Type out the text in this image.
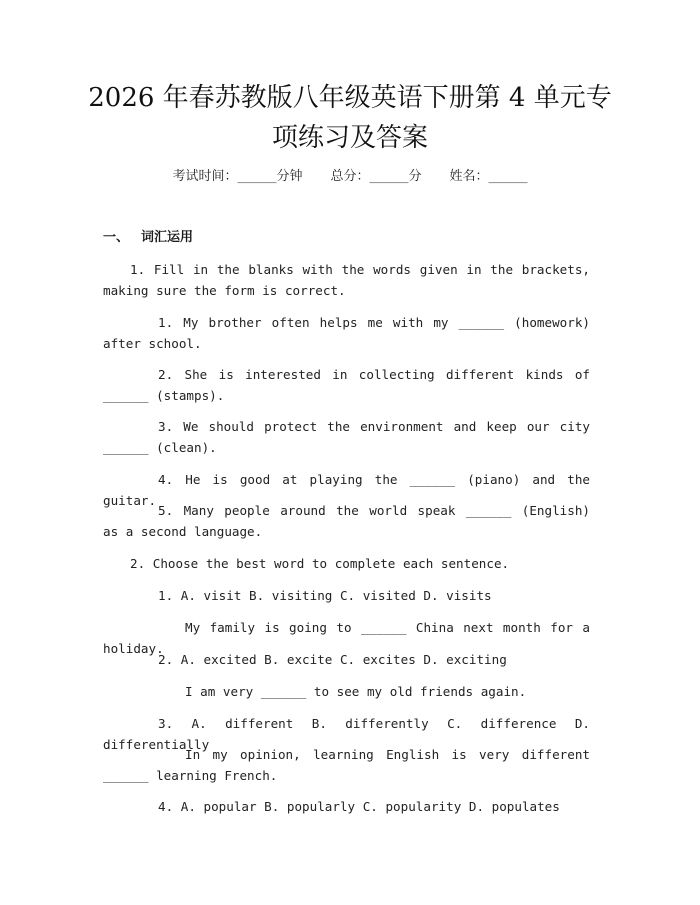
2026 年春苏教版八年级英语下册第 4 单元专
项练习及答案
考试时间：______分钟 总分：______分 姓名：______
一、 词汇运用
1. Fill in the blanks with the words given in the brackets, making sure the form is correct.
1. My brother often helps me with my ______ (homework) after school.
2. She is interested in collecting different kinds of ______ (stamps).
3. We should protect the environment and keep our city ______ (clean).
4. He is good at playing the ______ (piano) and the guitar.
5. Many people around the world speak ______ (English) as a second language.
2. Choose the best word to complete each sentence.
1. A. visit B. visiting C. visited D. visits
My family is going to ______ China next month for a holiday.
2. A. excited B. excite C. excites D. exciting
I am very ______ to see my old friends again.
3. A. different B. differently C. difference D. differentially
In my opinion, learning English is very different ______ learning French.
4. A. popular B. popularly C. popularity D. populates
